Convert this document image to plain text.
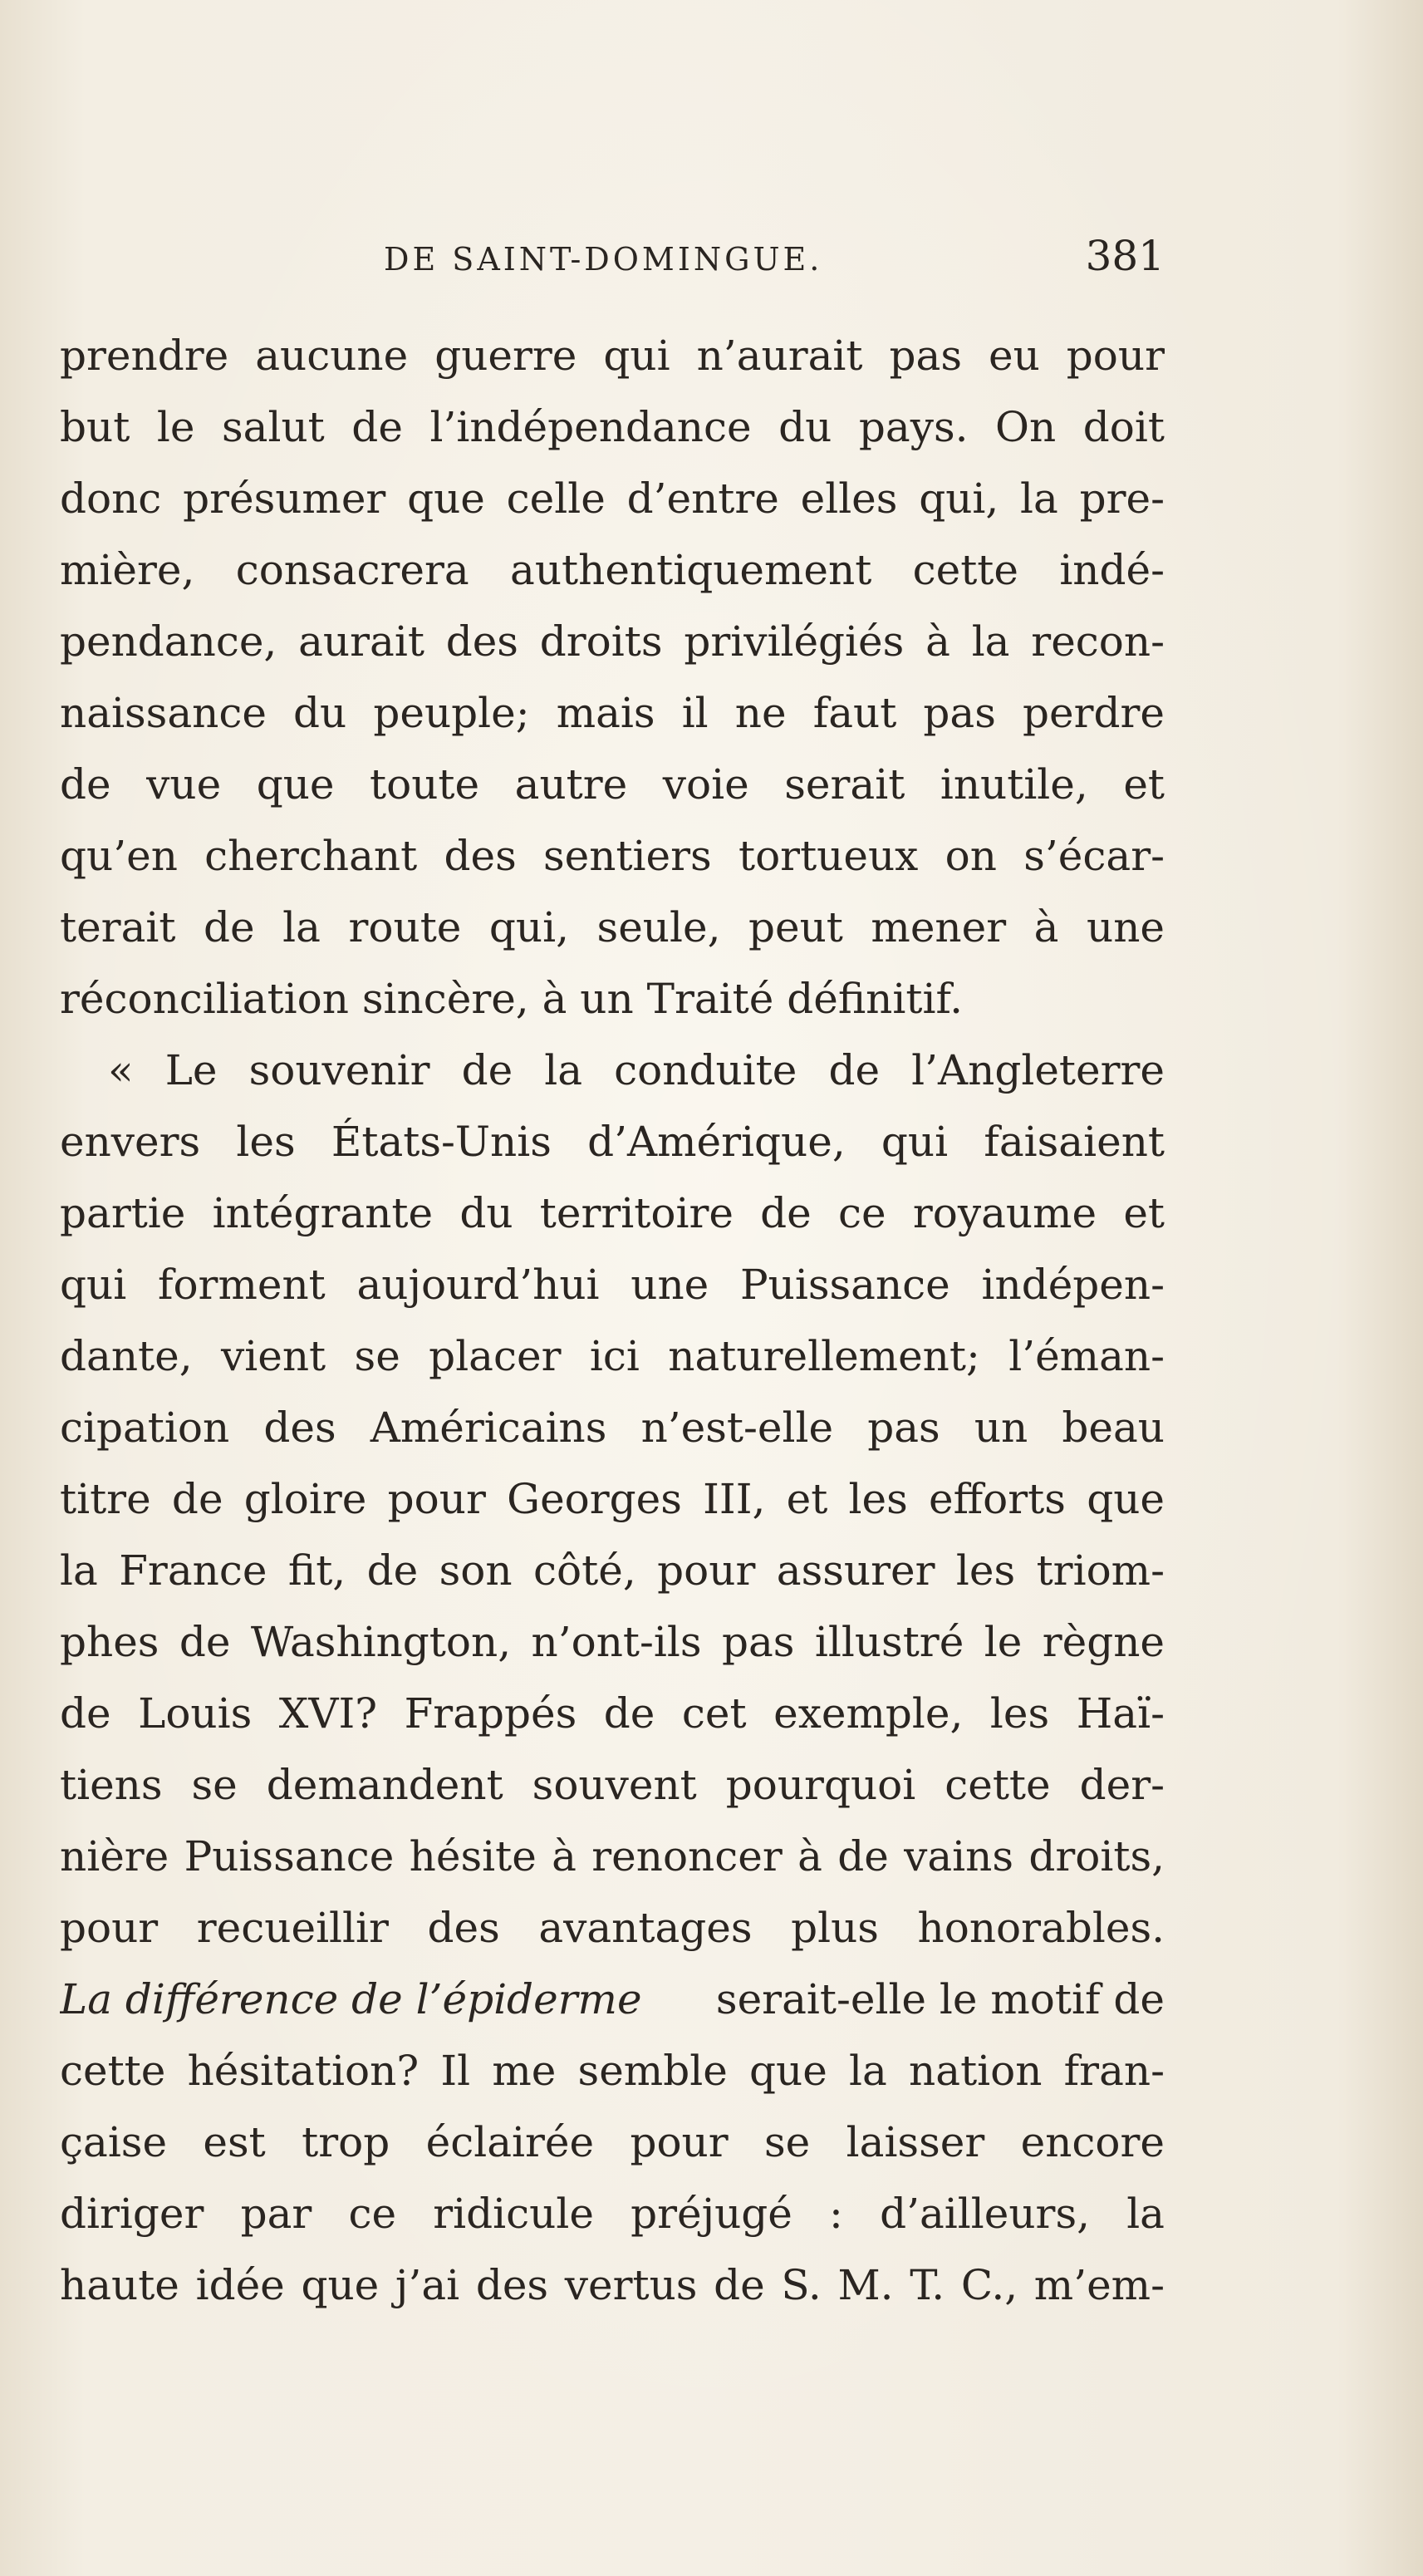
DE SAINT-DOMINGUE.	381
prendre aucune guerre qui n’aurait pas eu pour
but le salut de l’indépendance du pays. On doit
donc présumer que celle d’entre elles qui, la pre-
mière, consacrera authentiquement cette indé-
pendance, aurait des droits privilégiés à la recon-
naissance du peuple; mais il ne faut pas perdre
de vue que toute autre voie serait inutile, et
qu’en cherchant des sentiers tortueux on s’écar-
terait de la route qui, seule, peut mener à une
réconciliation sincère, à un Traité définitif.
« Le souvenir de la conduite de l’Angleterre
envers les États-Unis d’Amérique, qui faisaient
partie intégrante du territoire de ce royaume et
qui forment aujourd’hui une Puissance indépen-
dante, vient se placer ici naturellement; l’éman-
cipation des Américains n’est-elle pas un beau
titre de gloire pour Georges III, et les efforts que
la France fit, de son côté, pour assurer les triom-
phes de Washington, n’ont-ils pas illustré le règne
de Louis XVI? Frappés de cet exemple, les Haï-
tiens se demandent souvent pourquoi cette der-
nière Puissance hésite à renoncer à de vains droits,
pour recueillir des avantages plus honorables.
La différence de l’épiderme serait-elle le motif de
cette hésitation? Il me semble que la nation fran-
çaise est trop éclairée pour se laisser encore
diriger par ce ridicule préjugé : d’ailleurs, la
haute idée que j’ai des vertus de S. M. T. C., m’em-
